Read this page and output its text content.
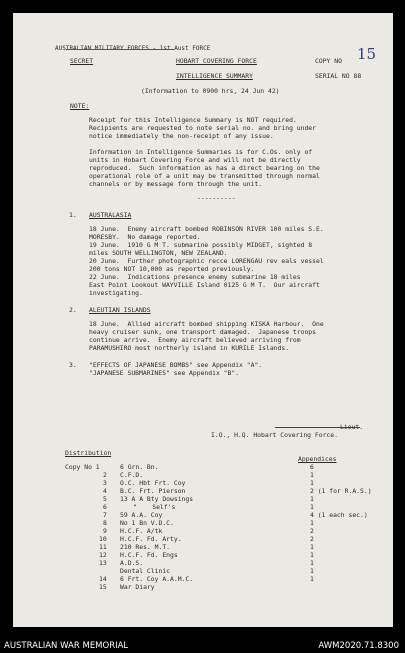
AUSTRALIAN MILITARY FORCES - 1st Aust FORCE
SECRET	HOBART COVERING FORCE	COPY NO 15
INTELLIGENCE SUMMARY	SERIAL NO 88
(Information to 0900 hrs, 24 Jun 42)
NOTE:
Receipt for this Intelligence Summary is NOT required.
Recipients are requested to note serial no. and bring under
notice immediately the non-receipt of any issue.
Information in Intelligence Summaries is for C.Os. only of
units in Hobart Covering Force and will not be directly
reproduced.  Such information as has a direct bearing on the
operational role of a unit may be transmitted through normal
channels or by message form through the unit.
----------
1. AUSTRALASIA
18 June.  Enemy aircraft bombed ROBINSON RIVER 100 miles S.E.
MORESBY.  No damage reported.
19 June.  1910 G M T. submarine possibly MIDGET, sighted 8
miles SOUTH WELLINGTON, NEW ZEALAND.
20 June.  Further photographic recce LORENGAU rev eals vessel
200 tons NOT 10,000 as reported previously.
22 June.  Indications presence enemy submarine 18 miles
East Point Lookout WAYVILLE Island 0125 G M T.  Our aircraft
investigating.
2. ALEUTIAN ISLANDS
18 June.  Allied aircraft bombed shipping KISKA Harbour.  One
heavy cruiser sunk, one transport damaged.  Japanese troops
continue arrive.  Enemy aircraft believed arriving from
PARAMUSHIRO most northerly island in KURILE Islands.
3. "EFFECTS OF JAPANESE BOMBS" see Appendix "A".
"JAPANESE SUBMARINES" see Appendix "B".
Lieut.
I.O., H.Q. Hobart Covering Force.
Distribution
Appendices
Copy No 1	6 Grn. Bn.	6
2 C.F.D.	1
3 O.C. Hbt Frt. Coy	1
4 B.C. Frt. Pierson	2 (1 for R.A.S.)
5 13 A A Bty Dowsings	1
6	"    Self's	1
7 59 A.A. Coy	4 (1 each sec.)
8 No 1 Bn V.D.C.	1
9 H.C.F. A/tk	2
10 H.C.F. Fd. Arty.	2
11 210 Res. M.T.	1
12 H.C.F. Fd. Engs	1
13 A.D.S.	1
Dental Clinic	1
14 6 Frt. Coy A.A.M.C.	1
15 War Diary
AUSTRALIAN WAR MEMORIAL	AWM2020.71.8300
